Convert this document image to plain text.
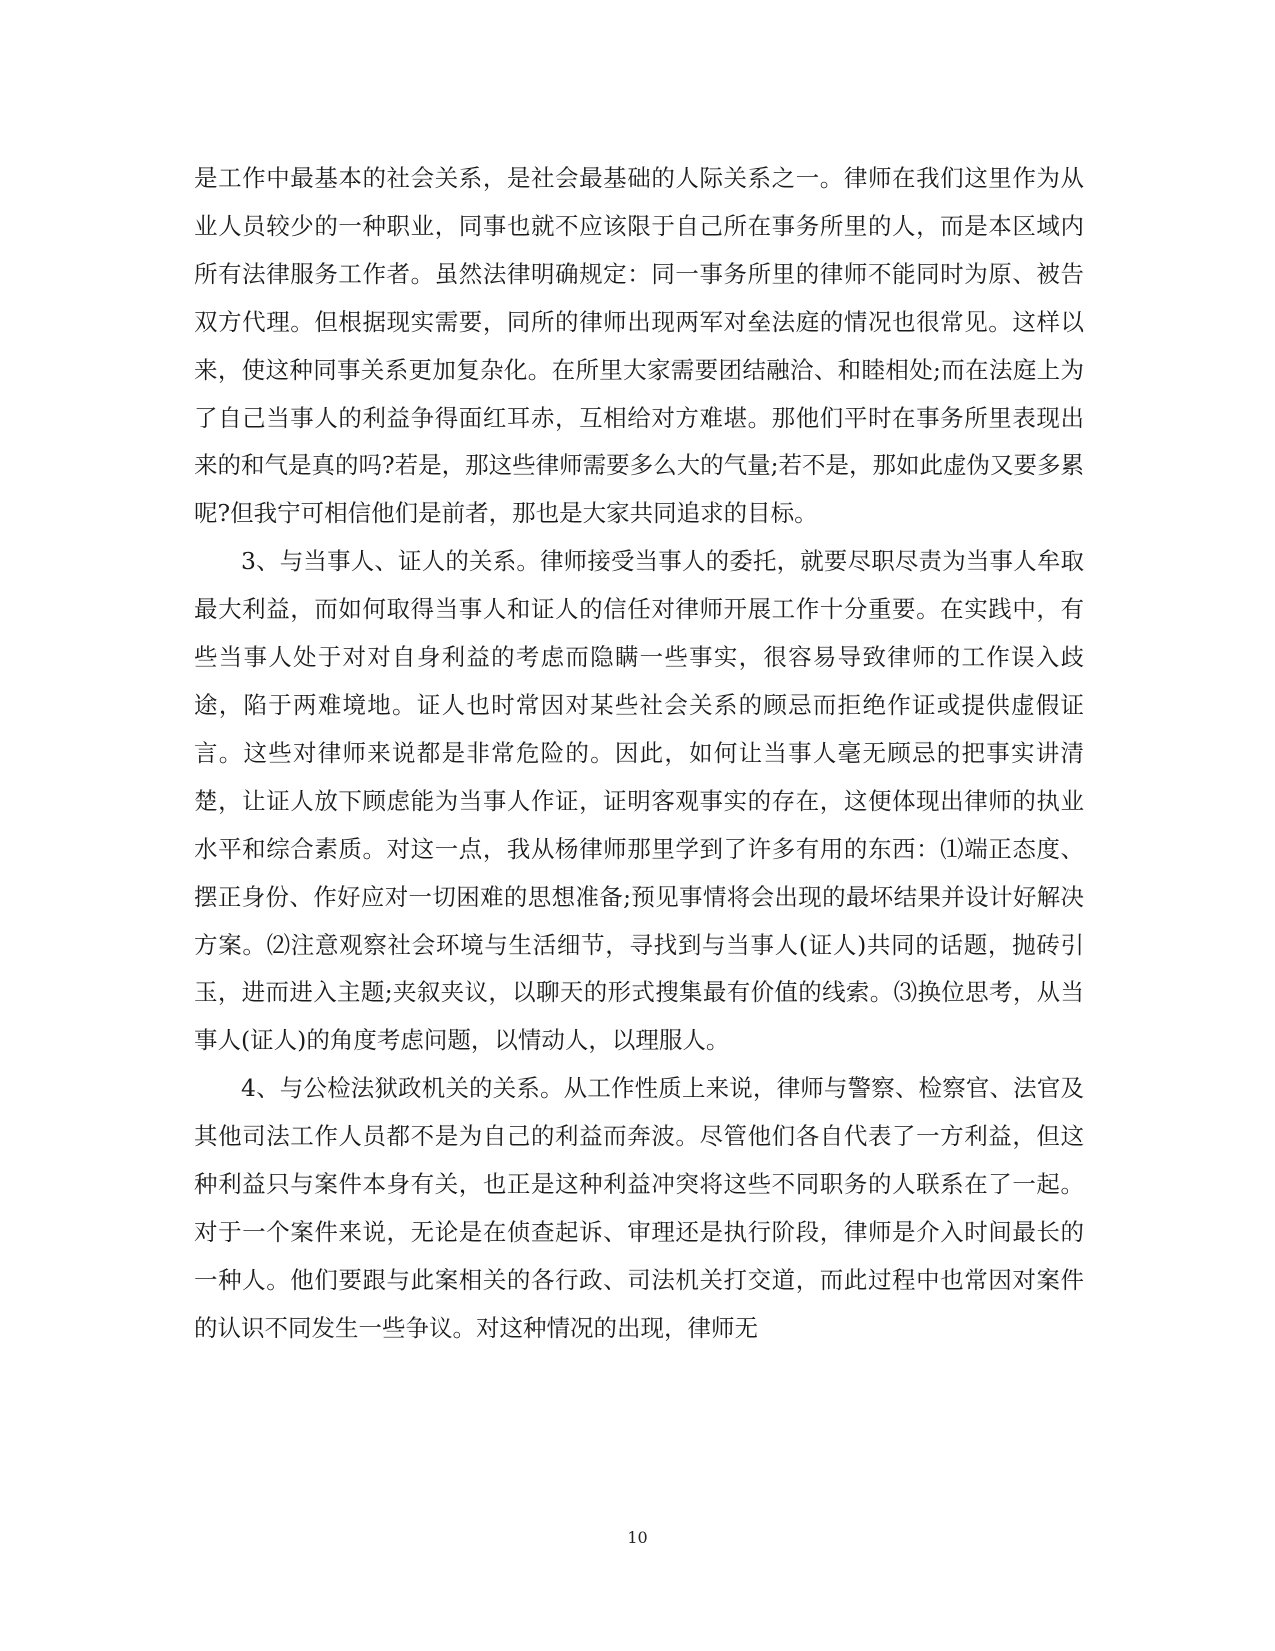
是工作中最基本的社会关系，是社会最基础的人际关系之一。律师在我们这里作为从业人员较少的一种职业，同事也就不应该限于自己所在事务所里的人，而是本区域内所有法律服务工作者。虽然法律明确规定：同一事务所里的律师不能同时为原、被告双方代理。但根据现实需要，同所的律师出现两军对垒法庭的情况也很常见。这样以来，使这种同事关系更加复杂化。在所里大家需要团结融洽、和睦相处;而在法庭上为了自己当事人的利益争得面红耳赤，互相给对方难堪。那他们平时在事务所里表现出来的和气是真的吗?若是，那这些律师需要多么大的气量;若不是，那如此虚伪又要多累呢?但我宁可相信他们是前者，那也是大家共同追求的目标。

3、与当事人、证人的关系。律师接受当事人的委托，就要尽职尽责为当事人牟取最大利益，而如何取得当事人和证人的信任对律师开展工作十分重要。在实践中，有些当事人处于对对自身利益的考虑而隐瞒一些事实，很容易导致律师的工作误入歧途，陷于两难境地。证人也时常因对某些社会关系的顾忌而拒绝作证或提供虚假证言。这些对律师来说都是非常危险的。因此，如何让当事人毫无顾忌的把事实讲清楚，让证人放下顾虑能为当事人作证，证明客观事实的存在，这便体现出律师的执业水平和综合素质。对这一点，我从杨律师那里学到了许多有用的东西：⑴端正态度、摆正身份、作好应对一切困难的思想准备;预见事情将会出现的最坏结果并设计好解决方案。⑵注意观察社会环境与生活细节，寻找到与当事人(证人)共同的话题，抛砖引玉，进而进入主题;夹叙夹议，以聊天的形式搜集最有价值的线索。⑶换位思考，从当事人(证人)的角度考虑问题，以情动人，以理服人。

4、与公检法狱政机关的关系。从工作性质上来说，律师与警察、检察官、法官及其他司法工作人员都不是为自己的利益而奔波。尽管他们各自代表了一方利益，但这种利益只与案件本身有关，也正是这种利益冲突将这些不同职务的人联系在了一起。对于一个案件来说，无论是在侦查起诉、审理还是执行阶段，律师是介入时间最长的一种人。他们要跟与此案相关的各行政、司法机关打交道，而此过程中也常因对案件的认识不同发生一些争议。对这种情况的出现，律师无

10
